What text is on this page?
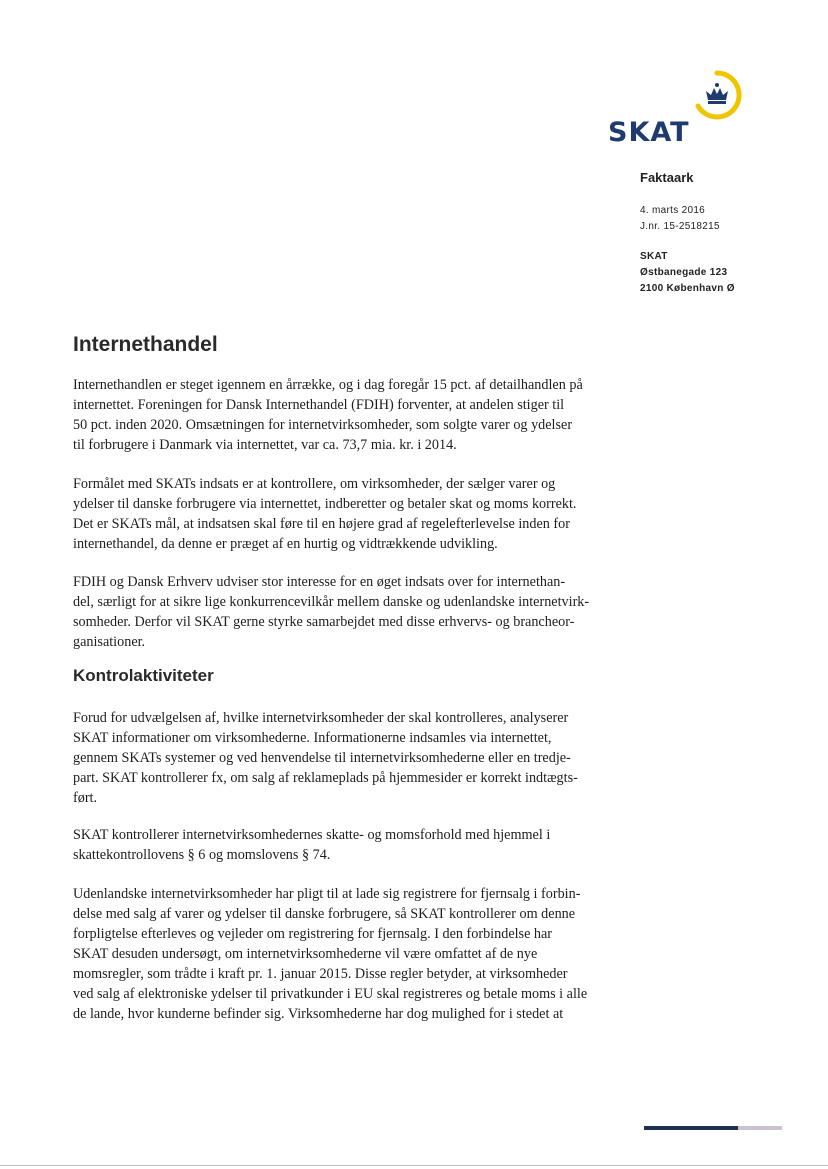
SKAT
Faktaark
4. marts 2016
J.nr. 15-2518215
SKAT
Østbanegade 123
2100 København Ø
Internethandel
Internethandlen er steget igennem en årrække, og i dag foregår 15 pct. af detailhandlen på
internettet. Foreningen for Dansk Internethandel (FDIH) forventer, at andelen stiger til
50 pct. inden 2020. Omsætningen for internetvirksomheder, som solgte varer og ydelser
til forbrugere i Danmark via internettet, var ca. 73,7 mia. kr. i 2014.
Formålet med SKATs indsats er at kontrollere, om virksomheder, der sælger varer og
ydelser til danske forbrugere via internettet, indberetter og betaler skat og moms korrekt.
Det er SKATs mål, at indsatsen skal føre til en højere grad af regelefterlevelse inden for
internethandel, da denne er præget af en hurtig og vidtrækkende udvikling.
FDIH og Dansk Erhverv udviser stor interesse for en øget indsats over for internethan-
del, særligt for at sikre lige konkurrencevilkår mellem danske og udenlandske internetvirk-
somheder. Derfor vil SKAT gerne styrke samarbejdet med disse erhvervs- og brancheor-
ganisationer.
Kontrolaktiviteter
Forud for udvælgelsen af, hvilke internetvirksomheder der skal kontrolleres, analyserer
SKAT informationer om virksomhederne. Informationerne indsamles via internettet,
gennem SKATs systemer og ved henvendelse til internetvirksomhederne eller en tredje-
part. SKAT kontrollerer fx, om salg af reklameplads på hjemmesider er korrekt indtægts-
ført.
SKAT kontrollerer internetvirksomhedernes skatte- og momsforhold med hjemmel i
skattekontrollovens § 6 og momslovens § 74.
Udenlandske internetvirksomheder har pligt til at lade sig registrere for fjernsalg i forbin-
delse med salg af varer og ydelser til danske forbrugere, så SKAT kontrollerer om denne
forpligtelse efterleves og vejleder om registrering for fjernsalg. I den forbindelse har
SKAT desuden undersøgt, om internetvirksomhederne vil være omfattet af de nye
momsregler, som trådte i kraft pr. 1. januar 2015. Disse regler betyder, at virksomheder
ved salg af elektroniske ydelser til privatkunder i EU skal registreres og betale moms i alle
de lande, hvor kunderne befinder sig. Virksomhederne har dog mulighed for i stedet at
